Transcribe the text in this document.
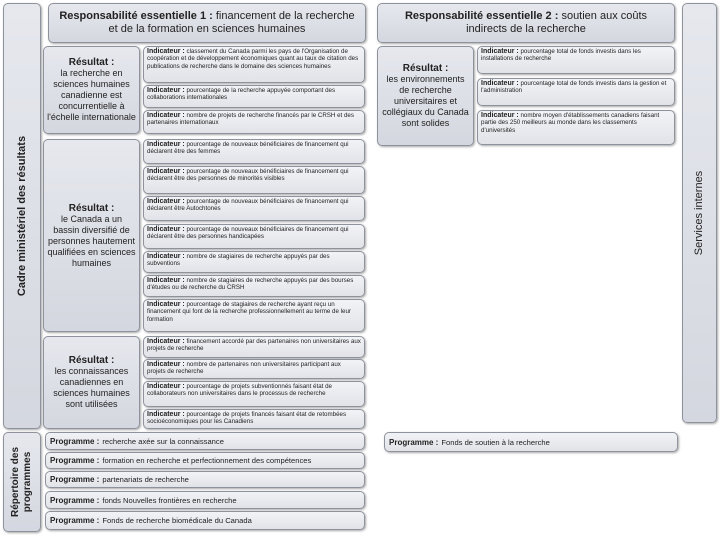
Cadre ministériel des résultats
Répertoire des programmes
Services internes
Responsabilité essentielle 1 : financement de la recherche et de la formation en sciences humaines
Responsabilité essentielle 2 : soutien aux coûts indirects de la recherche
Résultat :
la recherche en sciences humaines canadienne est concurrentielle à l'échelle internationale
Indicateur : classement du Canada parmi les pays de l'Organisation de coopération et de développement économiques quant au taux de citation des publications de recherche dans le domaine des sciences humaines
Indicateur : pourcentage de la recherche appuyée comportant des collaborations internationales
Indicateur : nombre de projets de recherche financés par le CRSH et des partenaires internationaux
Résultat :
le Canada a un bassin diversifié de personnes hautement qualifiées en sciences humaines
Indicateur : pourcentage de nouveaux bénéficiaires de financement qui déclarent être des femmes
Indicateur : pourcentage de nouveaux bénéficiaires de financement qui déclarent être des personnes de minorités visibles
Indicateur : pourcentage de nouveaux bénéficiaires de financement qui déclarent être Autochtones
Indicateur : pourcentage de nouveaux bénéficiaires de financement qui déclarent être des personnes handicapées
Indicateur : nombre de stagiaires de recherche appuyés par des subventions
Indicateur : nombre de stagiaires de recherche appuyés par des bourses d'études ou de recherche du CRSH
Indicateur : pourcentage de stagiaires de recherche ayant reçu un financement qui font de la recherche professionnellement au terme de leur formation
Résultat :
les connaissances canadiennes en sciences humaines sont utilisées
Indicateur : financement accordé par des partenaires non universitaires aux projets de recherche
Indicateur : nombre de partenaires non universitaires participant aux projets de recherche
Indicateur : pourcentage de projets subventionnés faisant état de collaborateurs non universitaires dans le processus de recherche
Indicateur : pourcentage de projets financés faisant état de retombées socioéconomiques pour les Canadiens
Résultat :
les environnements de recherche universitaires et collégiaux du Canada sont solides
Indicateur : pourcentage total de fonds investis dans les installations de recherche
Indicateur : pourcentage total de fonds investis dans la gestion et l'administration
Indicateur : nombre moyen d'établissements canadiens faisant partie des 250 meilleurs au monde dans les classements d'universités
Programme : recherche axée sur la connaissance
Programme : formation en recherche et perfectionnement des compétences
Programme : partenariats de recherche
Programme : fonds Nouvelles frontières en recherche
Programme : Fonds de recherche biomédicale du Canada
Programme : Fonds de soutien à la recherche
